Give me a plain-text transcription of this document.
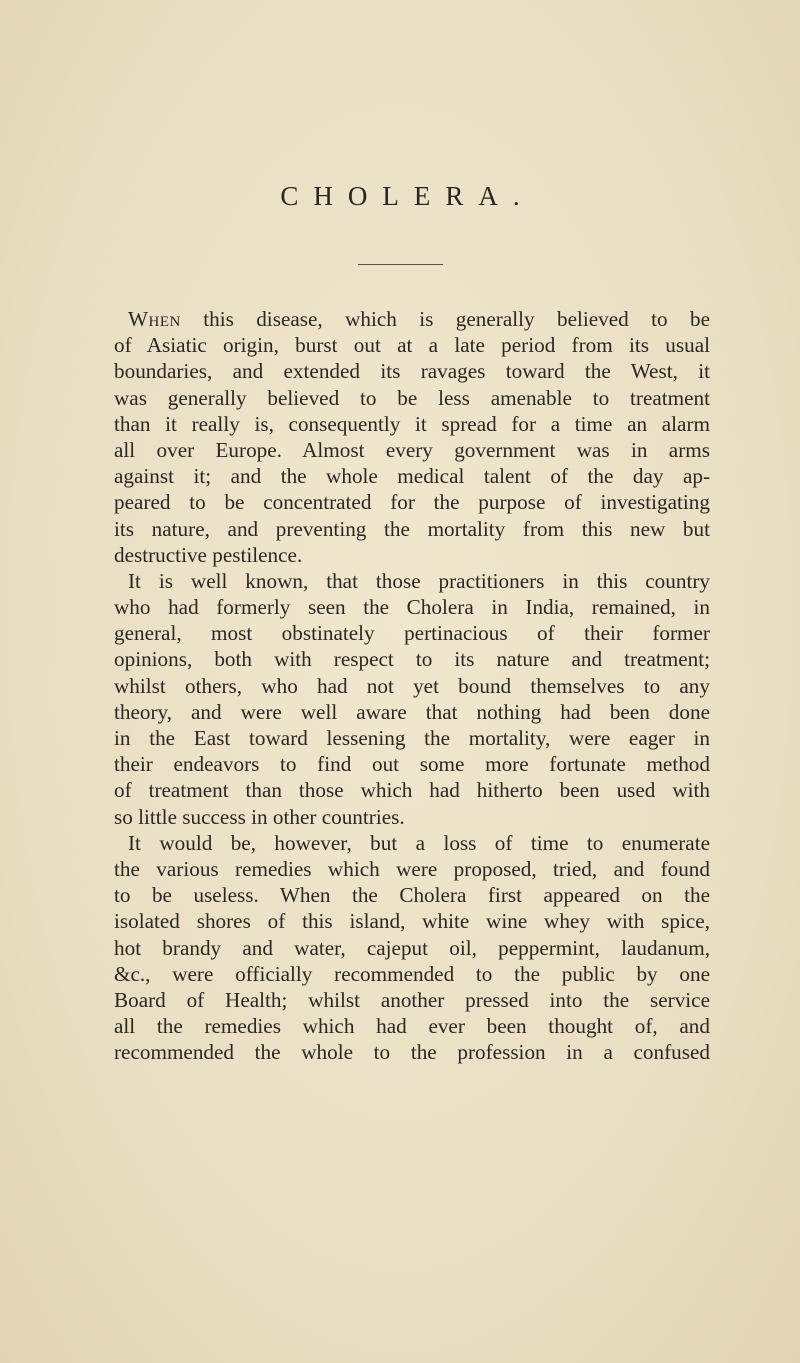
CHOLERA.
When this disease, which is generally believed to be
of Asiatic origin, burst out at a late period from its usual
boundaries, and extended its ravages toward the West, it
was generally believed to be less amenable to treatment
than it really is, consequently it spread for a time an alarm
all over Europe. Almost every government was in arms
against it; and the whole medical talent of the day ap-
peared to be concentrated for the purpose of investigating
its nature, and preventing the mortality from this new but
destructive pestilence.
It is well known, that those practitioners in this country
who had formerly seen the Cholera in India, remained, in
general, most obstinately pertinacious of their former
opinions, both with respect to its nature and treatment;
whilst others, who had not yet bound themselves to any
theory, and were well aware that nothing had been done
in the East toward lessening the mortality, were eager in
their endeavors to find out some more fortunate method
of treatment than those which had hitherto been used with
so little success in other countries.
It would be, however, but a loss of time to enumerate
the various remedies which were proposed, tried, and found
to be useless. When the Cholera first appeared on the
isolated shores of this island, white wine whey with spice,
hot brandy and water, cajeput oil, peppermint, laudanum,
&c., were officially recommended to the public by one
Board of Health; whilst another pressed into the service
all the remedies which had ever been thought of, and
recommended the whole to the profession in a confused
